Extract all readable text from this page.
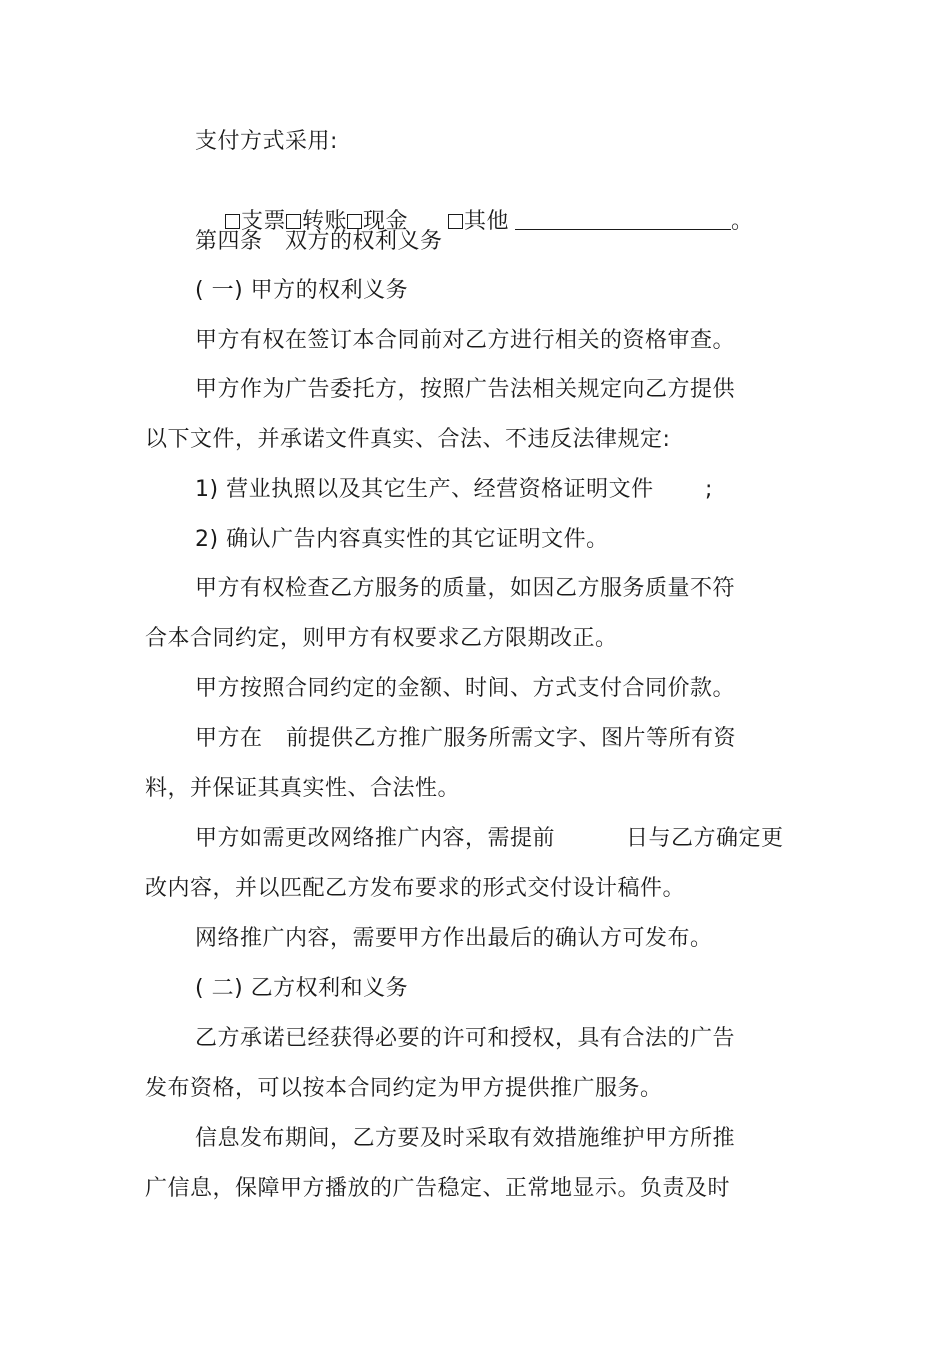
支付方式采用:

支票 转账 现金	其他	。

第四条　双方的权利义务
( 一) 甲方的权利义务
甲方有权在签订本合同前对乙方进行相关的资格审查。
甲方作为广告委托方，按照广告法相关规定向乙方提供
以下文件，并承诺文件真实、合法、不违反法律规定:
1) 营业执照以及其它生产、经营资格证明文件 ;
2) 确认广告内容真实性的其它证明文件。
甲方有权检查乙方服务的质量，如因乙方服务质量不符
合本合同约定，则甲方有权要求乙方限期改正。
甲方按照合同约定的金额、时间、方式支付合同价款。
甲方在 前提供乙方推广服务所需文字、图片等所有资
料，并保证其真实性、合法性。
甲方如需更改网络推广内容，需提前	日与乙方确定更
改内容，并以匹配乙方发布要求的形式交付设计稿件。
网络推广内容，需要甲方作出最后的确认方可发布。
( 二) 乙方权利和义务
乙方承诺已经获得必要的许可和授权，具有合法的广告
发布资格，可以按本合同约定为甲方提供推广服务。
信息发布期间，乙方要及时采取有效措施维护甲方所推
广信息，保障甲方播放的广告稳定、正常地显示。负责及时
